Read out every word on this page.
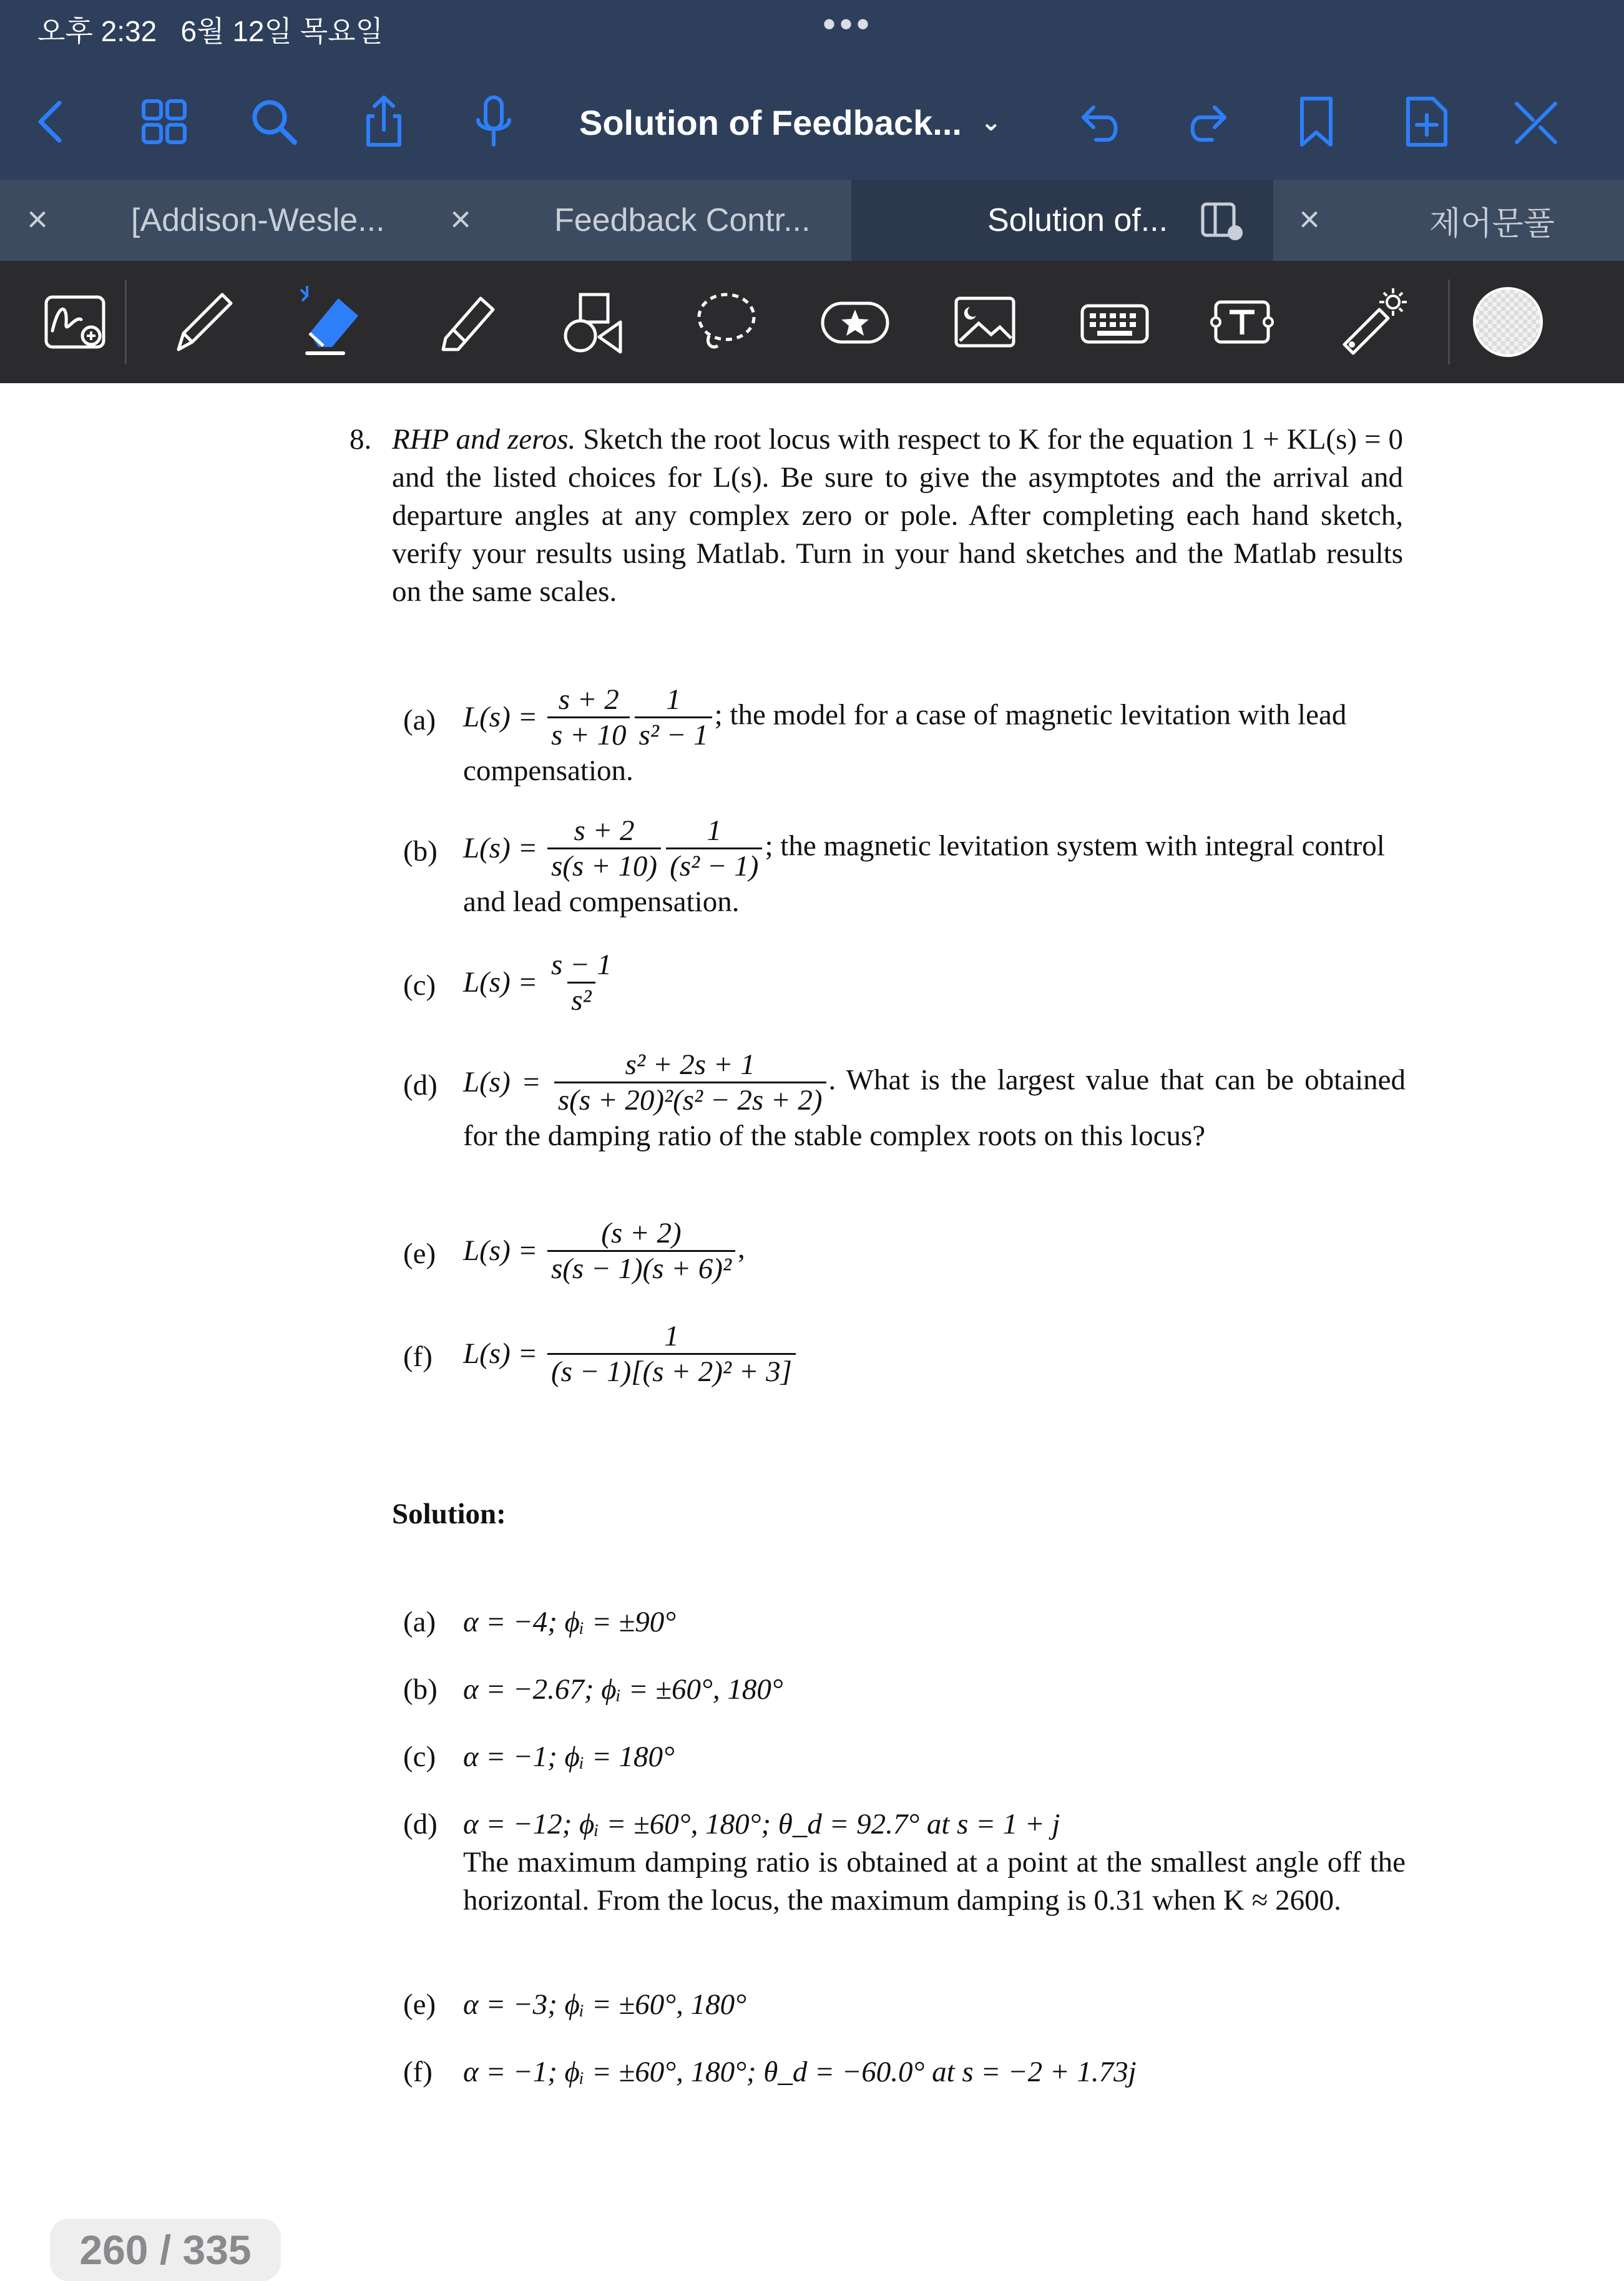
오후 2:32 6월 12일 목요일	•••
Solution of Feedback... ⌄
×	[Addison-Wesle... ×	Feedback Contr...	Solution of...	×	제어문풀
8. RHP and zeros. Sketch the root locus with respect to K for the equation 1 + KL(s) = 0 and the listed choices for L(s). Be sure to give the asymptotes and the arrival and departure angles at any complex zero or pole. After completing each hand sketch, verify your results using Matlab. Turn in your hand sketches and the Matlab results on the same scales.
(a) $L(s) = \frac{s + 2}{s + 10} \frac{1}{\text{s² − 1}}$ ; the model for a case of magnetic levitation with lead compensation.
(b) $L(s) = \frac{s + 2}{s(s + 10)} \frac{1}{\text{(s² − 1)}}$ ; the magnetic levitation system with integral control and lead compensation.
(c) $L(s) = \frac{s - 1}{\text{s²}}$
(d) $L(s) = \frac{\text{s² + 2s + 1}}{\text{s(s + 20)²(s² − 2s + 2)}}$ . What is the largest value that can be obtained for the damping ratio of the stable complex roots on this locus?
(e) $L(s) = \frac{(s + 2)}{\text{s(s − 1)(s + 6)²}}$ ,
(f) $L(s) = \frac{1}{\text{(s − 1)[(s + 2)² + 3]}}$
Solution:
(a) α = −4; ϕᵢ = ±90°
(b) α = −2.67; ϕᵢ = ±60°, 180°
(c) α = −1; ϕᵢ = 180°
(d) α = −12; ϕᵢ = ±60°, 180°; θ_d = 92.7° at s = 1 + j
The maximum damping ratio is obtained at a point at the smallest angle off the horizontal. From the locus, the maximum damping is 0.31 when K ≈ 2600.
(e) α = −3; ϕᵢ = ±60°, 180°
(f) α = −1; ϕᵢ = ±60°, 180°; θ_d = −60.0° at s = −2 + 1.73j
260 / 335
